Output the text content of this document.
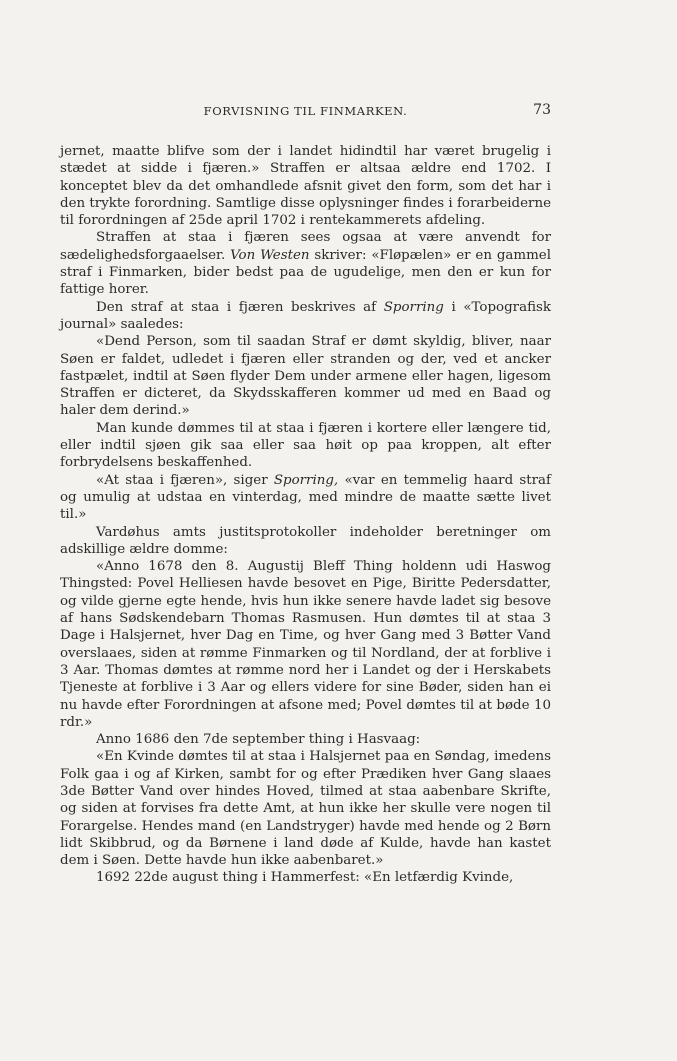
FORVISNING TIL FINMARKEN.	73

jernet, maatte blifve som der i landet hidindtil har været brugelig i stædet at sidde i fjæren.» Straffen er altsaa ældre end 1702. I konceptet blev da det omhandlede afsnit givet den form, som det har i den trykte forordning. Samtlige disse oplysninger findes i forarbeiderne til forordningen af 25de april 1702 i rentekammerets afdeling.

Straffen at staa i fjæren sees ogsaa at være anvendt for sædelighedsforgaaelser. Von Westen skriver: «Fløpælen» er en gammel straf i Finmarken, bider bedst paa de ugudelige, men den er kun for fattige horer.

Den straf at staa i fjæren beskrives af Sporring i «Topografisk journal» saaledes:

«Dend Person, som til saadan Straf er dømt skyldig, bliver, naar Søen er faldet, udledet i fjæren eller stranden og der, ved et ancker fastpælet, indtil at Søen flyder Dem under armene eller hagen, ligesom Straffen er dicteret, da Skydsskafferen kommer ud med en Baad og haler dem derind.»

Man kunde dømmes til at staa i fjæren i kortere eller længere tid, eller indtil sjøen gik saa eller saa høit op paa kroppen, alt efter forbrydelsens beskaffenhed.

«At staa i fjæren», siger Sporring, «var en temmelig haard straf og umulig at udstaa en vinterdag, med mindre de maatte sætte livet til.»

Vardøhus amts justitsprotokoller indeholder beretninger om adskillige ældre domme:

«Anno 1678 den 8. Augustij Bleff Thing holdenn udi Haswog Thingsted: Povel Helliesen havde besovet en Pige, Biritte Pedersdatter, og vilde gjerne egte hende, hvis hun ikke senere havde ladet sig besove af hans Sødskendebarn Thomas Rasmusen. Hun dømtes til at staa 3 Dage i Halsjernet, hver Dag en Time, og hver Gang med 3 Bøtter Vand overslaaes, siden at rømme Finmarken og til Nordland, der at forblive i 3 Aar. Thomas dømtes at rømme nord her i Landet og der i Herskabets Tjeneste at forblive i 3 Aar og ellers videre for sine Bøder, siden han ei nu havde efter Forordningen at afsone med; Povel dømtes til at bøde 10 rdr.»

Anno 1686 den 7de september thing i Hasvaag:

«En Kvinde dømtes til at staa i Halsjernet paa en Søndag, imedens Folk gaa i og af Kirken, sambt for og efter Prædiken hver Gang slaaes 3de Bøtter Vand over hindes Hoved, tilmed at staa aabenbare Skrifte, og siden at forvises fra dette Amt, at hun ikke her skulle vere nogen til Forargelse. Hendes mand (en Landstryger) havde med hende og 2 Børn lidt Skibbrud, og da Børnene i land døde af Kulde, havde han kastet dem i Søen. Dette havde hun ikke aabenbaret.»

1692 22de august thing i Hammerfest: «En letfærdig Kvinde,
